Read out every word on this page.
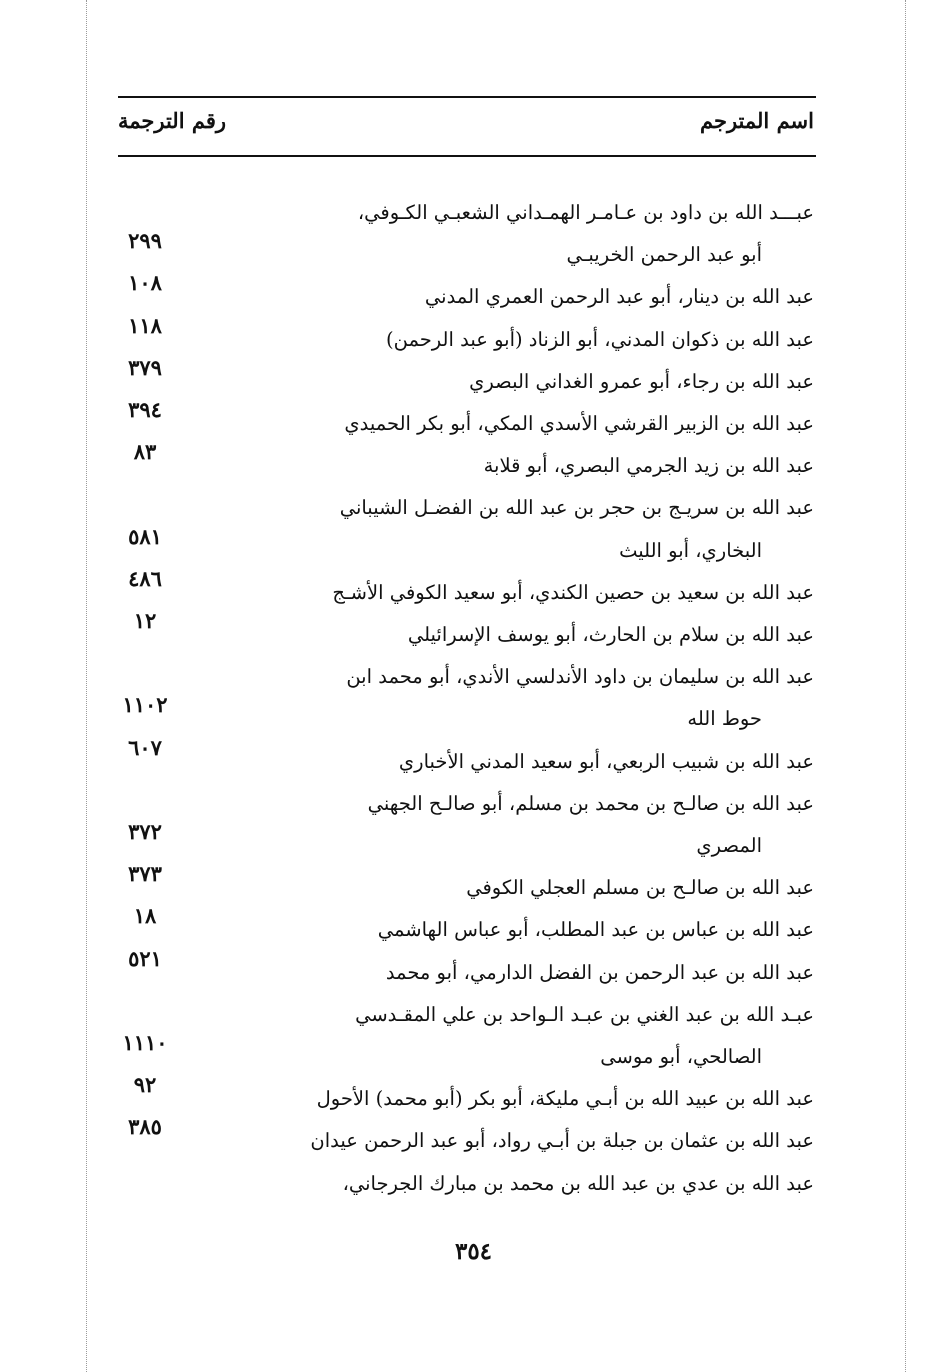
اسم المترجم
رقم الترجمة
عبـــد الله بن داود بن عـامـر الهمـداني الشعبـي الكـوفي،
أبو عبد الرحمن الخريبـي
٢٩٩
عبد الله بن دينار، أبو عبد الرحمن العمري المدني
١٠٨
عبد الله بن ذكوان المدني، أبو الزناد (أبو عبد الرحمن)
١١٨
عبد الله بن رجاء، أبو عمرو الغداني البصري
٣٧٩
عبد الله بن الزبير القرشي الأسدي المكي، أبو بكر الحميدي
٣٩٤
عبد الله بن زيد الجرمي البصري، أبو قلابة
٨٣
عبد الله بن سريـج بن حجر بن عبد الله بن الفضـل الشيباني
البخاري، أبو الليث
٥٨١
عبد الله بن سعيد بن حصين الكندي، أبو سعيد الكوفي الأشـج
٤٨٦
عبد الله بن سلام بن الحارث، أبو يوسف الإسرائيلي
١٢
عبد الله بن سليمان بن داود الأندلسي الأندي، أبو محمد ابن
حوط الله
١١٠٢
عبد الله بن شبيب الربعي، أبو سعيد المدني الأخباري
٦٠٧
عبد الله بن صالـح بن محمد بن مسلم، أبو صالـح الجهني
المصري
٣٧٢
عبد الله بن صالـح بن مسلم العجلي الكوفي
٣٧٣
عبد الله بن عباس بن عبد المطلب، أبو عباس الهاشمي
١٨
عبد الله بن عبد الرحمن بن الفضل الدارمي، أبو محمد
٥٢١
عبـد الله بن عبد الغني بن عبـد الـواحد بن علي المقـدسي
الصالحي، أبو موسى
١١١٠
عبد الله بن عبيد الله بن أبـي مليكة، أبو بكر (أبو محمد) الأحول
٩٢
عبد الله بن عثمان بن جبلة بن أبـي رواد، أبو عبد الرحمن عيدان
٣٨٥
عبد الله بن عدي بن عبد الله بن محمد بن مبارك الجرجاني،
٣٥٤
